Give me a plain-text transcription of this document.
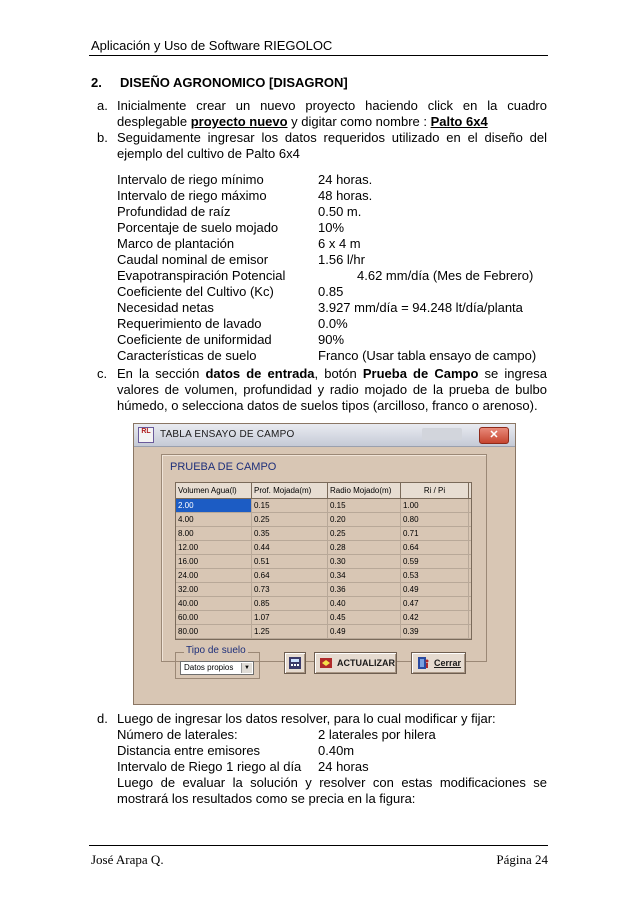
Aplicación y Uso de Software RIEGOLOC
2. DISEÑO AGRONOMICO [DISAGRON]
a. Inicialmente crear un nuevo proyecto haciendo click en la cuadro
desplegable proyecto nuevo y digitar como nombre : Palto 6x4
b. Seguidamente ingresar los datos requeridos utilizado en el diseño del
ejemplo del cultivo de Palto 6x4
Intervalo de riego mínimo	24 horas.
Intervalo de riego máximo	48 horas.
Profundidad de raíz	0.50 m.
Porcentaje de suelo mojado	10%
Marco de plantación	6 x 4 m
Caudal nominal de emisor	1.56 l/hr
Evapotranspiración Potencial	4.62 mm/día (Mes de Febrero)
Coeficiente del Cultivo (Kc)	0.85
Necesidad netas	3.927 mm/día = 94.248 lt/día/planta
Requerimiento de lavado	0.0%
Coeficiente de uniformidad	90%
Características de suelo	Franco (Usar tabla ensayo de campo)
c. En la sección datos de entrada, botón Prueba de Campo se ingresa
valores de volumen, profundidad y radio mojado de la prueba de bulbo
húmedo, o selecciona datos de suelos tipos (arcilloso, franco o arenoso).
RL TABLA ENSAYO DE CAMPO	✕
PRUEBA DE CAMPO
Volumen Agua(l)	Prof. Mojada(m)	Radio Mojado(m)	Ri / Pi
2.00	0.15	0.15	1.00
4.00	0.25	0.20	0.80
8.00	0.35	0.25	0.71
12.00	0.44	0.28	0.64
16.00	0.51	0.30	0.59
24.00	0.64	0.34	0.53
32.00	0.73	0.36	0.49
40.00	0.85	0.40	0.47
60.00	1.07	0.45	0.42
80.00	1.25	0.49	0.39
Tipo de suelo
Datos propios	▼	ACTUALIZAR	Cerrar
d. Luego de ingresar los datos resolver, para lo cual modificar y fijar:
Número de laterales:	2 laterales por hilera
Distancia entre emisores	0.40m
Intervalo de Riego 1 riego al día 24 horas
Luego de evaluar la solución y resolver con estas modificaciones se
mostrará los resultados como se precia en la figura:
José Arapa Q.	Página 24
